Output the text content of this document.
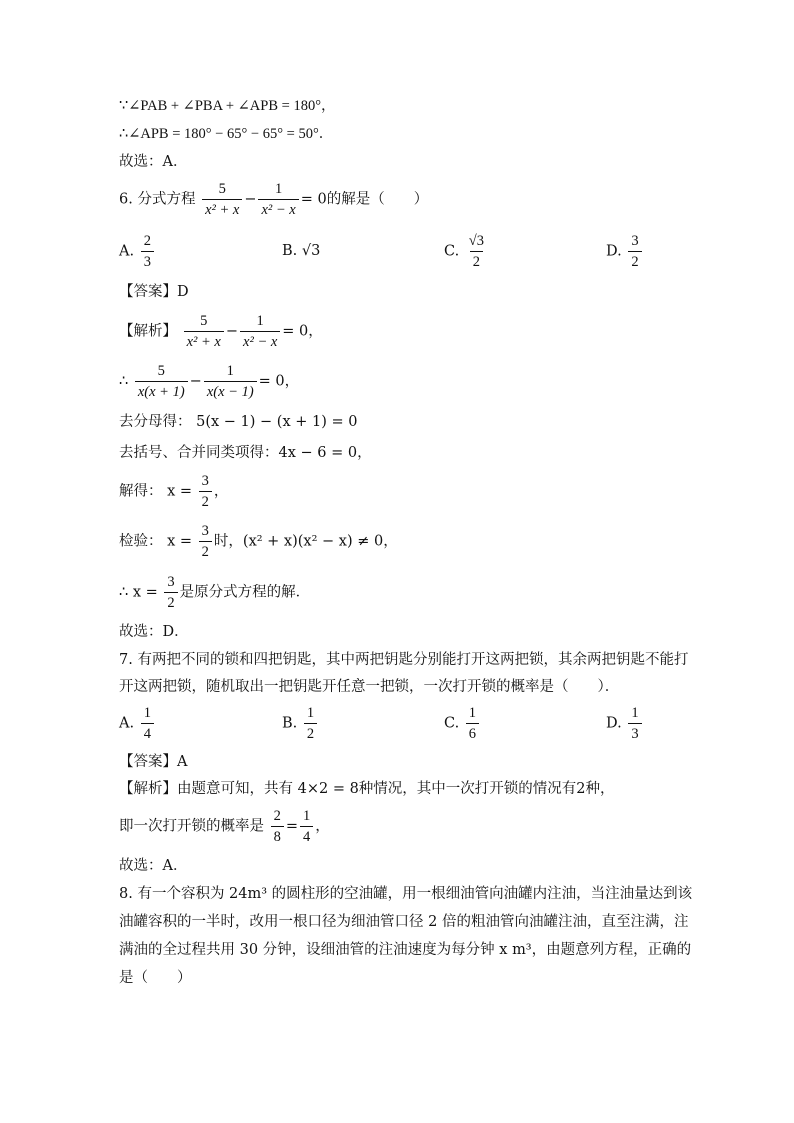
∵∠PAB + ∠PBA + ∠APB = 180°，
∴∠APB = 180° − 65° − 65° = 50°．
故选：A．
6. 分式方程 $\frac{5}{\text{x² + x}} - \frac{1}{\text{x² − x}} = 0$的解是（　　）
A. $\frac{2}{3}$	B. √3	C. $\frac{√3}{2}$	D. $\frac{3}{2}$
【答案】D
【解析】 $\frac{5}{\text{x² + x}} - \frac{1}{\text{x² − x}} = 0$，
∴ $\frac{5}{x(x + 1)} - \frac{1}{x(x - 1)} = 0$，
去分母得： 5(x − 1) − (x + 1) = 0
去括号、合并同类项得：4x − 6 = 0，
解得： $x = \frac{3}{2}$ ，
检验： $x = \frac{3}{2}$ 时，(x² + x)(x² − x) ≠ 0，
∴ $x = \frac{3}{2}$ 是原分式方程的解．
故选：D．
7. 有两把不同的锁和四把钥匙，其中两把钥匙分别能打开这两把锁，其余两把钥匙不能打
开这两把锁，随机取出一把钥匙开任意一把锁，一次打开锁的概率是（　　）．
A. $\frac{1}{4}$	B. $\frac{1}{2}$	C. $\frac{1}{6}$	D. $\frac{1}{3}$
【答案】A
【解析】由题意可知，共有 4×2 = 8种情况，其中一次打开锁的情况有2种，
即一次打开锁的概率是 $\frac{2}{8} = \frac{1}{4}$ ，
故选：A．
8. 有一个容积为 24m³ 的圆柱形的空油罐，用一根细油管向油罐内注油，当注油量达到该
油罐容积的一半时，改用一根口径为细油管口径 2 倍的粗油管向油罐注油，直至注满，注
满油的全过程共用 30 分钟，设细油管的注油速度为每分钟 x m³，由题意列方程，正确的
是（　　）
